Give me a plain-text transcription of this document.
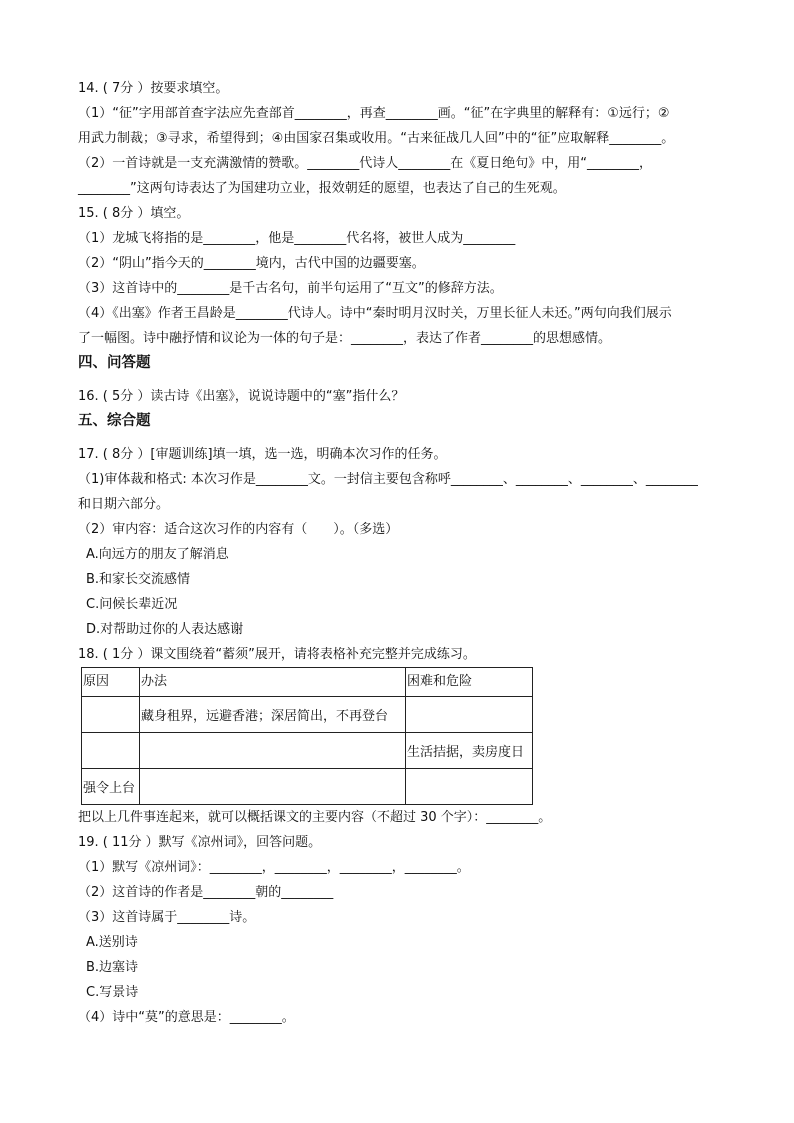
14. ( 7分 ）按要求填空。
（1）“征”字用部首查字法应先查部首________，再查________画。“征”在字典里的解释有：①远行；②
用武力制裁；③寻求，希望得到；④由国家召集或收用。“古来征战几人回”中的“征”应取解释________。
（2）一首诗就是一支充满激情的赞歌。________代诗人________在《夏日绝句》中，用“________，
________”这两句诗表达了为国建功立业，报效朝廷的愿望，也表达了自己的生死观。
15. ( 8分 ）填空。
（1）龙城飞将指的是________，他是________代名将，被世人成为________
（2）“阴山”指今天的________境内，古代中国的边疆要塞。
（3）这首诗中的________是千古名句，前半句运用了“互文”的修辞方法。
（4）《出塞》作者王昌龄是________代诗人。诗中“秦时明月汉时关，万里长征人未还。”两句向我们展示
了一幅图。诗中融抒情和议论为一体的句子是：________，表达了作者________的思想感情。
四、问答题
16. ( 5分 ）读古诗《出塞》，说说诗题中的“塞”指什么？
五、综合题
17. ( 8分 ）[审题训练]填一填，选一选，明确本次习作的任务。
（1)审体裁和格式: 本次习作是________文。一封信主要包含称呼________、________、________、________
和日期六部分。
（2）审内容：适合这次习作的内容有（　　）。（多选）
A.向远方的朋友了解消息
B.和家长交流感情
C.问候长辈近况
D.对帮助过你的人表达感谢
18. ( 1分 ）课文围绕着“蓄须”展开，请将表格补充完整并完成练习。
原因	办法	困难和危险
	藏身租界，远避香港；深居简出，不再登台	
		生活拮据，卖房度日
强令上台		
把以上几件事连起来，就可以概括课文的主要内容（不超过 30 个字）：________。
19. ( 11分 ）默写《凉州词》，回答问题。
（1）默写《凉州词》：________，________，________，________。
（2）这首诗的作者是________朝的________
（3）这首诗属于________诗。
A.送别诗
B.边塞诗
C.写景诗
（4）诗中“莫”的意思是：________。
